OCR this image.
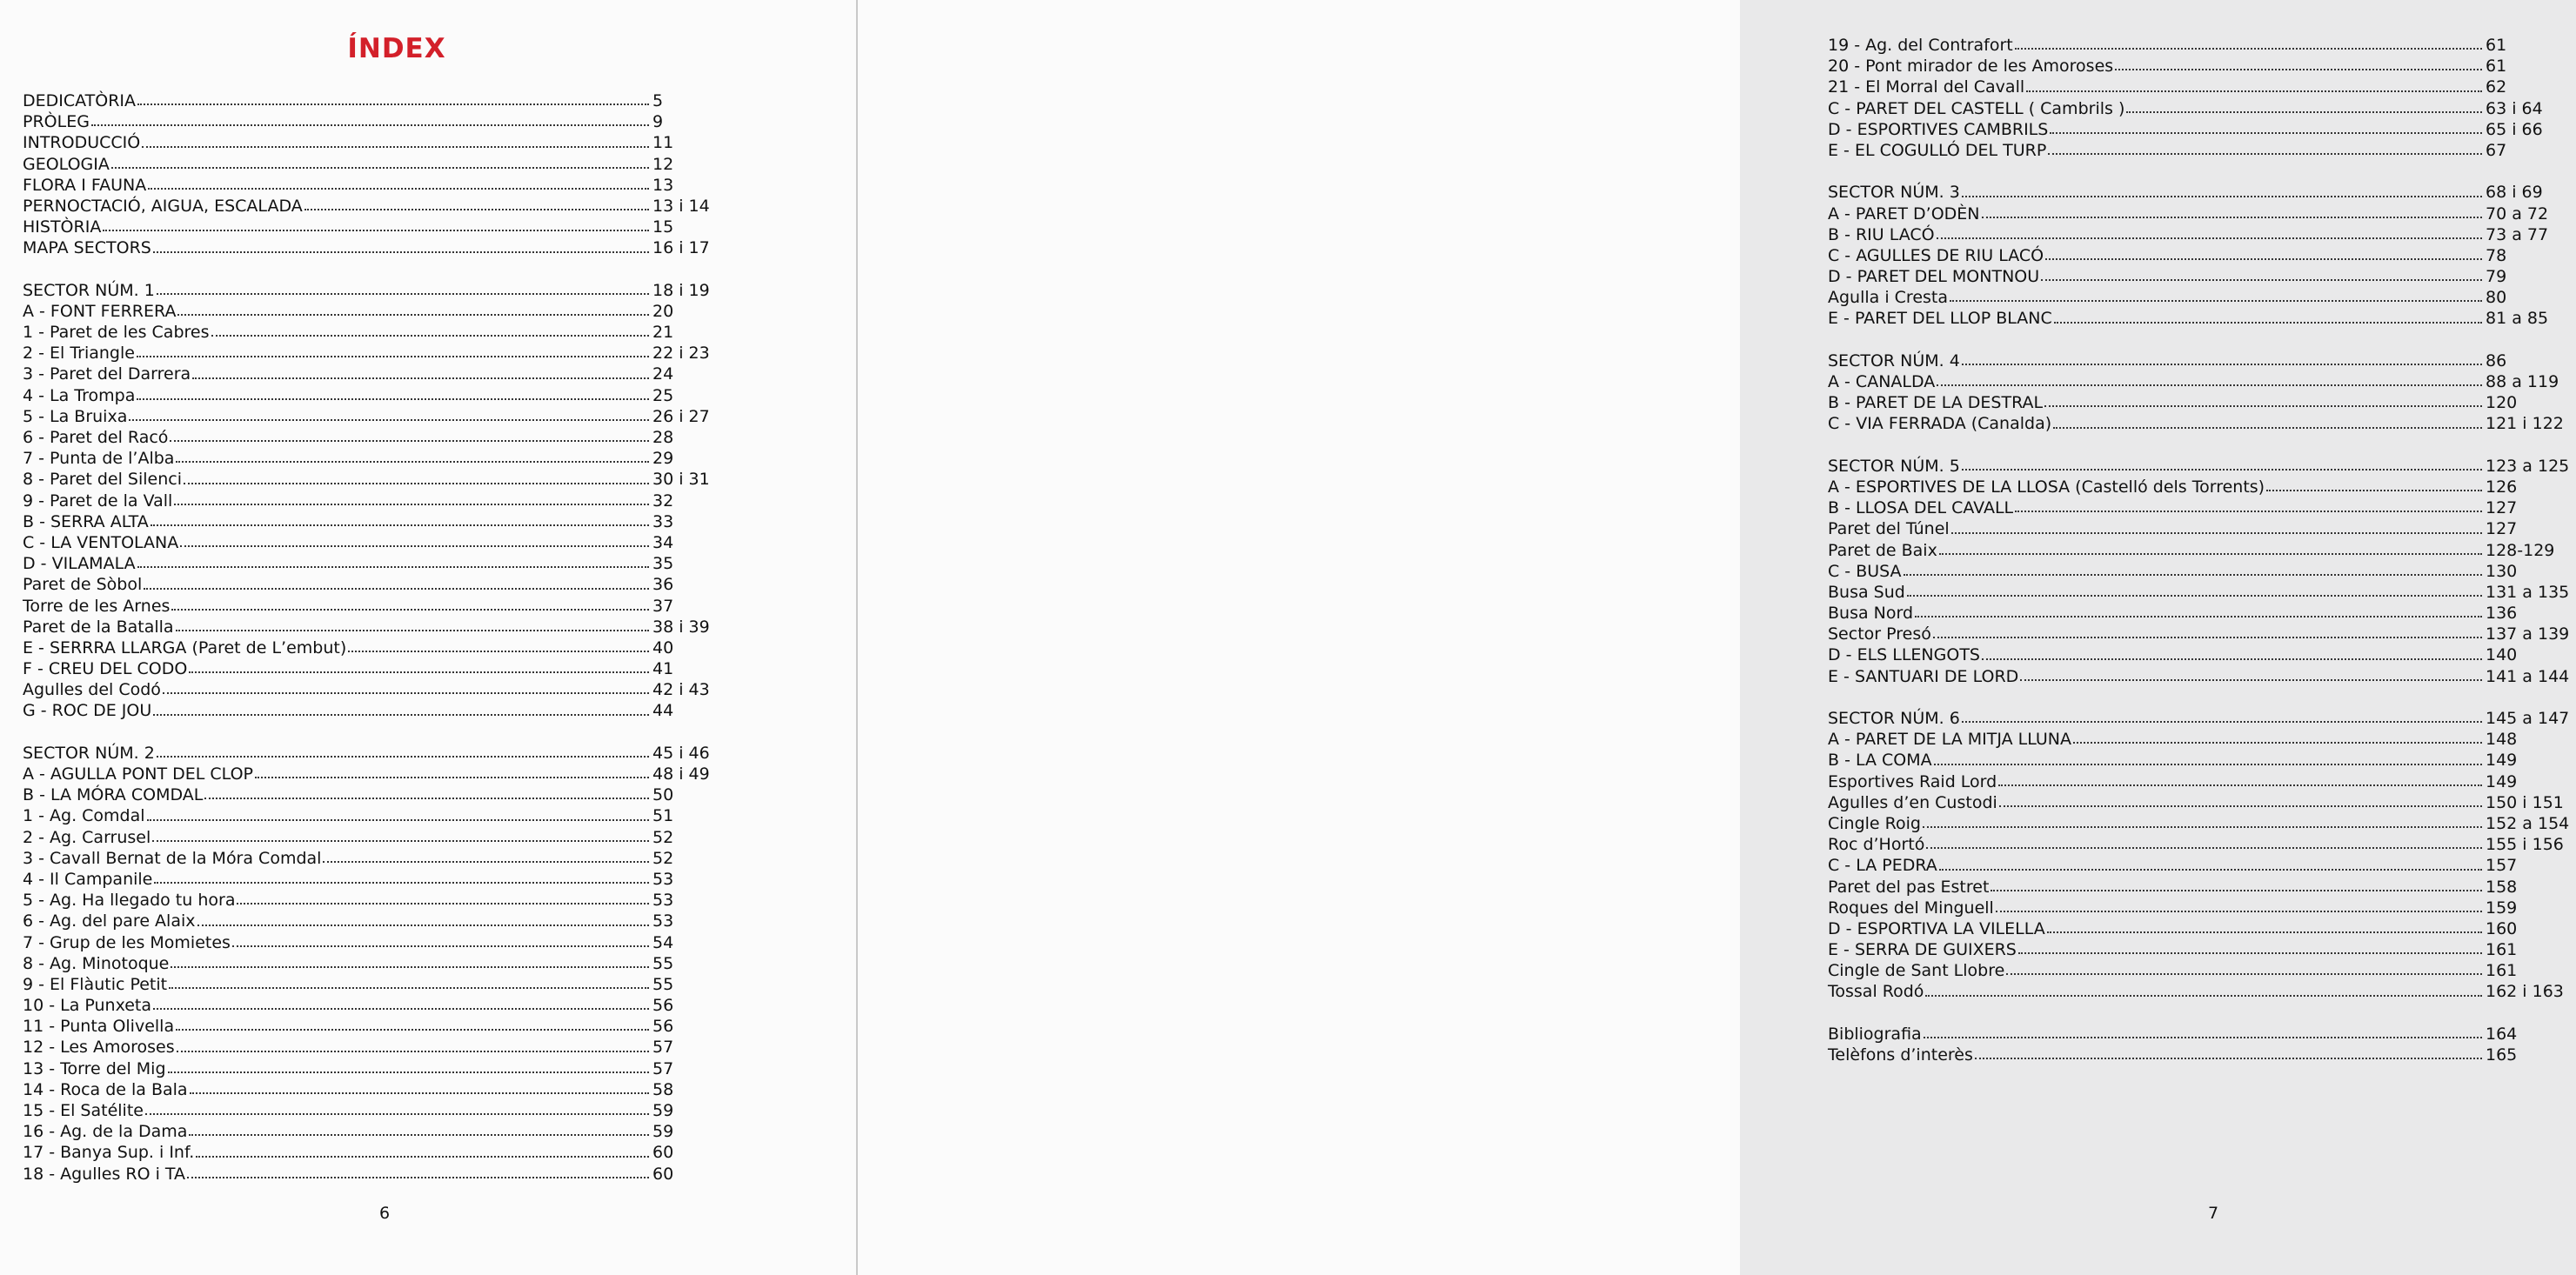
ÍNDEX
DEDICATÒRIA	5
PRÒLEG	9
INTRODUCCIÓ	11
GEOLOGIA	12
FLORA I FAUNA	13
PERNOCTACIÓ, AIGUA, ESCALADA	13 i 14
HISTÒRIA	15
MAPA SECTORS	16 i 17
SECTOR NÚM. 1	18 i 19
A - FONT FERRERA	20
1 - Paret de les Cabres	21
2 - El Triangle	22 i 23
3 - Paret del Darrera	24
4 - La Trompa	25
5 - La Bruixa	26 i 27
6 - Paret del Racó	28
7 - Punta de l’Alba	29
8 - Paret del Silenci	30 i 31
9 - Paret de la Vall	32
B - SERRA ALTA	33
C - LA VENTOLANA	34
D - VILAMALA	35
Paret de Sòbol	36
Torre de les Arnes	37
Paret de la Batalla	38 i 39
E - SERRRA LLARGA (Paret de L’embut)	40
F - CREU DEL CODO	41
Agulles del Codó	42 i 43
G - ROC DE JOU	44
SECTOR NÚM. 2	45 i 46
A - AGULLA PONT DEL CLOP	48 i 49
B - LA MÓRA COMDAL	50
1 - Ag. Comdal	51
2 - Ag. Carrusel	52
3 - Cavall Bernat de la Móra Comdal	52
4 - Il Campanile	53
5 - Ag. Ha llegado tu hora	53
6 - Ag. del pare Alaix	53
7 - Grup de les Momietes	54
8 - Ag. Minotoque	55
9 - El Flàutic Petit	55
10 - La Punxeta	56
11 - Punta Olivella	56
12 - Les Amoroses	57
13 - Torre del Mig	57
14 - Roca de la Bala	58
15 - El Satélite	59
16 - Ag. de la Dama	59
17 - Banya Sup. i Inf.	60
18 - Agulles RO i TA	60
6
19 - Ag. del Contrafort	61
20 - Pont mirador de les Amoroses	61
21 - El Morral del Cavall	62
C - PARET DEL CASTELL ( Cambrils )	63 i 64
D - ESPORTIVES CAMBRILS	65 i 66
E - EL COGULLÓ DEL TURP	67
SECTOR NÚM. 3	68 i 69
A - PARET D’ODÈN	70 a 72
B - RIU LACÓ	73 a 77
C - AGULLES DE RIU LACÓ	78
D - PARET DEL MONTNOU	79
Agulla i Cresta	80
E - PARET DEL LLOP BLANC	81 a 85
SECTOR NÚM. 4	86
A - CANALDA	88 a 119
B - PARET DE LA DESTRAL	120
C - VIA FERRADA (Canalda)	121 i 122
SECTOR NÚM. 5	123 a 125
A - ESPORTIVES DE LA LLOSA (Castelló dels Torrents)	126
B - LLOSA DEL CAVALL	127
Paret del Túnel	127
Paret de Baix	128-129
C - BUSA	130
Busa Sud	131 a 135
Busa Nord	136
Sector Presó	137 a 139
D - ELS LLENGOTS	140
E - SANTUARI DE LORD	141 a 144
SECTOR NÚM. 6	145 a 147
A - PARET DE LA MITJA LLUNA	148
B - LA COMA	149
Esportives Raid Lord	149
Agulles d’en Custodi	150 i 151
Cingle Roig	152 a 154
Roc d’Hortó	155 i 156
C - LA PEDRA	157
Paret del pas Estret	158
Roques del Minguell	159
D - ESPORTIVA LA VILELLA	160
E - SERRA DE GUIXERS	161
Cingle de Sant Llobre	161
Tossal Rodó	162 i 163
Bibliografia	164
Telèfons d’interès	165
7
